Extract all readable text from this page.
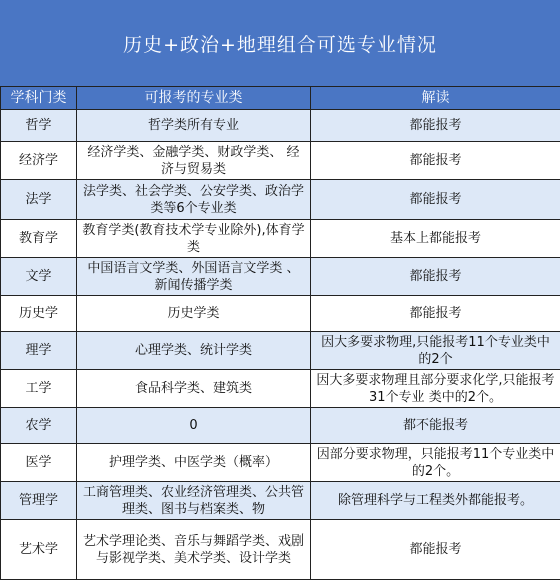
历史+政治+地理组合可选专业情况
学科门类	可报考的专业类	解读
哲学	哲学类所有专业	都能报考
经济学	经济学类、金融学类、财政学类、 经济与贸易类	都能报考
法学	法学类、社会学类、公安学类、政治学类等6个专业类	都能报考
教育学	教育学类(教育技术学专业除外),体育学类	基本上都能报考
文学	中国语言文学类、外国语言文学类 、新闻传播学类	都能报考
历史学	历史学类	都能报考
理学	心理学类、统计学类	因大多要求物理,只能报考11个专业类中的2个
工学	食品科学类、建筑类	因大多要求物理且部分要求化学,只能报考31个专业 类中的2个。
农学	0	都不能报考
医学	护理学类、中医学类（概率）	因部分要求物理，只能报考11个专业类中的2个。
管理学	工商管理类、农业经济管理类、公共管理类、图书与档案类、物	除管理科学与工程类外都能报考。
艺术学	艺术学理论类、音乐与舞蹈学类、戏剧与影视学类、美术学类、设计学类	都能报考
